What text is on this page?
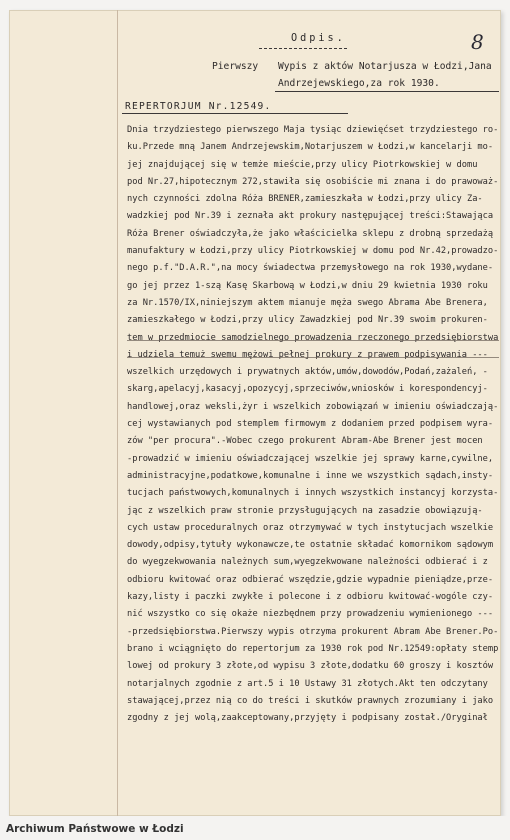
Odpis.
Pierwszy Wypis z aktów Notarjusza w Łodzi,Jana
Andrzejewskiego,za rok 1930.
8
REPERTORJUM Nr.12549.
Dnia trzydziestego pierwszego Maja tysiąc dziewięćset trzydziestego ro-
ku.Przede mną Janem Andrzejewskim,Notarjuszem w Łodzi,w kancelarji mo-
jej znajdującej się w temże mieście,przy ulicy Piotrkowskiej w domu
pod Nr.27,hipotecznym 272,stawiła się osobiście mi znana i do prawoważ-
nych czynności zdolna Róża BRENER,zamieszkała w Łodzi,przy ulicy Za-
wadzkiej pod Nr.39 i zeznała akt prokury następującej treści:Stawająca
Róża Brener oświadczyła,że jako właścicielka sklepu z drobną sprzedażą
manufaktury w Łodzi,przy ulicy Piotrkowskiej w domu pod Nr.42,prowadzo-
nego p.f."D.A.R.",na mocy świadectwa przemysłowego na rok 1930,wydane-
go jej przez 1-szą Kasę Skarbową w Łodzi,w dniu 29 kwietnia 1930 roku
za Nr.1570/IX,niniejszym aktem mianuje męża swego Abrama Abe Brenera,
zamieszkałego w Łodzi,przy ulicy Zawadzkiej pod Nr.39 swoim prokuren-
tem w przedmiocie samodzielnego prowadzenia rzeczonego przedsiębiorstwa
i udziela temuż swemu mężowi pełnej prokury z prawem podpisywania ---
wszelkich urzędowych i prywatnych aktów,umów,dowodów,Podań,zażaleń, -
skarg,apelacyj,kasacyj,opozycyj,sprzeciwów,wniosków i korespondencyj-
handlowej,oraz weksli,żyr i wszelkich zobowiązań w imieniu oświadczają-
cej wystawianych pod stemplem firmowym z dodaniem przed podpisem wyra-
zów "per procura".-Wobec czego prokurent Abram-Abe Brener jest mocen
-prowadzić w imieniu oświadczającej wszelkie jej sprawy karne,cywilne,
administracyjne,podatkowe,komunalne i inne we wszystkich sądach,insty-
tucjach państwowych,komunalnych i innych wszystkich instancyj korzysta-
jąc z wszelkich praw stronie przysługujących na zasadzie obowiązują-
cych ustaw proceduralnych oraz otrzymywać w tych instytucjach wszelkie
dowody,odpisy,tytuły wykonawcze,te ostatnie składać komornikom sądowym
do wyegzekwowania należnych sum,wyegzekwowane należności odbierać i z
odbioru kwitować oraz odbierać wszędzie,gdzie wypadnie pieniądze,prze-
kazy,listy i paczki zwykłe i polecone i z odbioru kwitować-wogóle czy-
nić wszystko co się okaże niezbędnem przy prowadzeniu wymienionego ---
-przedsiębiorstwa.Pierwszy wypis otrzyma prokurent Abram Abe Brener.Po-
brano i wciągnięto do repertorjum za 1930 rok pod Nr.12549:opłaty stemp
lowej od prokury 3 złote,od wypisu 3 złote,dodatku 60 groszy i kosztów
notarjalnych zgodnie z art.5 i 10 Ustawy 31 złotych.Akt ten odczytany
stawającej,przez nią co do treści i skutków prawnych zrozumiany i jako
zgodny z jej wolą,zaakceptowany,przyjęty i podpisany został./Oryginał
Archiwum Państwowe w Łodzi
